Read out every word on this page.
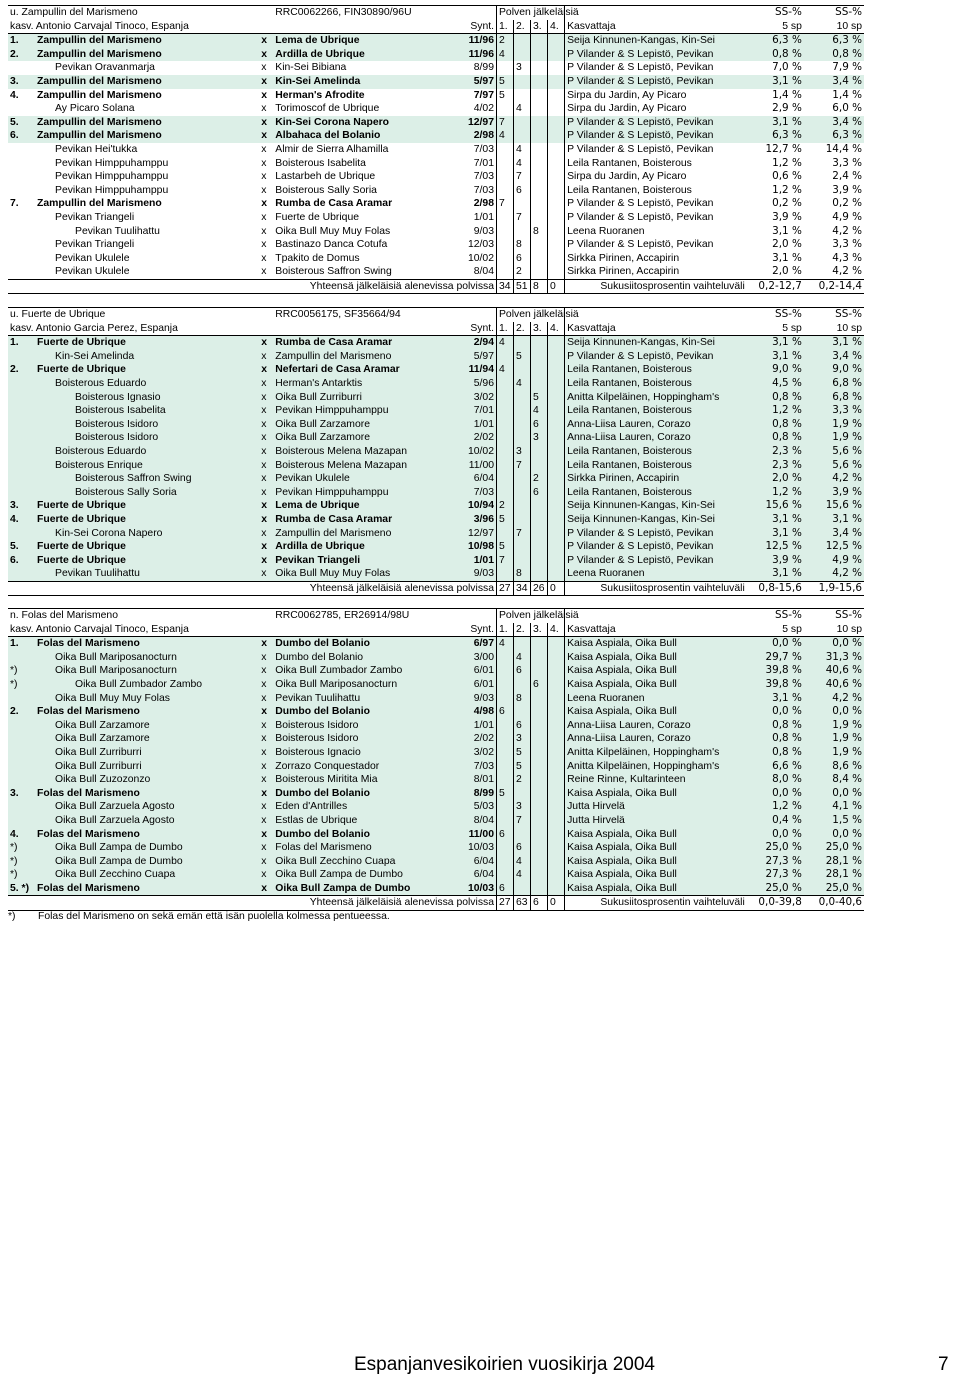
u. Zampullin del Marismeno			RRC0062266, FIN30890/96U		Polven jälkeläisiä					SS-%	SS-%
kasv. Antonio Carvajal Tinoco, Espanja				Synt.	1.	2.	3.	4.	Kasvattaja	5 sp	10 sp
1.	Zampullin del Marismeno	x	Lema de Ubrique	11/96	2				Seija Kinnunen-Kangas, Kin-Sei	6,3 %	6,3 %
2.	Zampullin del Marismeno	x	Ardilla de Ubrique	11/96	4				P Vilander & S Lepistö, Pevikan	0,8 %	0,8 %
	Pevikan Oravanmarja	x	Kin-Sei Bibiana	8/99		3			P Vilander & S Lepistö, Pevikan	7,0 %	7,9 %
3.	Zampullin del Marismeno	x	Kin-Sei Amelinda	5/97	5				P Vilander & S Lepistö, Pevikan	3,1 %	3,4 %
4.	Zampullin del Marismeno	x	Herman's Afrodite	7/97	5				Sirpa du Jardin, Ay Picaro	1,4 %	1,4 %
	Ay Picaro Solana	x	Torimoscof de Ubrique	4/02		4			Sirpa du Jardin, Ay Picaro	2,9 %	6,0 %
5.	Zampullin del Marismeno	x	Kin-Sei Corona Napero	12/97	7				P Vilander & S Lepistö, Pevikan	3,1 %	3,4 %
6.	Zampullin del Marismeno	x	Albahaca del Bolanio	2/98	4				P Vilander & S Lepistö, Pevikan	6,3 %	6,3 %
	Pevikan Hei'tukka	x	Almir de Sierra Alhamilla	7/03		4			P Vilander & S Lepistö, Pevikan	12,7 %	14,4 %
	Pevikan Himppuhamppu	x	Boisterous Isabelita	7/01		4			Leila Rantanen, Boisterous	1,2 %	3,3 %
	Pevikan Himppuhamppu	x	Lastarbeh de Ubrique	7/03		7			Sirpa du Jardin, Ay Picaro	0,6 %	2,4 %
	Pevikan Himppuhamppu	x	Boisterous Sally Soria	7/03		6			Leila Rantanen, Boisterous	1,2 %	3,9 %
7.	Zampullin del Marismeno	x	Rumba de Casa Aramar	2/98	7				P Vilander & S Lepistö, Pevikan	0,2 %	0,2 %
	Pevikan Triangeli	x	Fuerte de Ubrique	1/01		7			P Vilander & S Lepistö, Pevikan	3,9 %	4,9 %
	Pevikan Tuulihattu	x	Oika Bull Muy Muy Folas	9/03			8		Leena Ruoranen	3,1 %	4,2 %
	Pevikan Triangeli	x	Bastinazo Danca Cotufa	12/03		8			P Vilander & S Lepistö, Pevikan	2,0 %	3,3 %
	Pevikan Ukulele	x	Tpakito de Domus	10/02		6			Sirkka Pirinen, Accapirin	3,1 %	4,3 %
	Pevikan Ukulele	x	Boisterous Saffron Swing	8/04		2			Sirkka Pirinen, Accapirin	2,0 %	4,2 %
Yhteensä jälkeläisiä alenevissa polvissa					34	51	8	0	Sukusiitosprosentin vaihteluväli	0,2-12,7	0,2-14,4
u. Fuerte de Ubrique			RRC0056175, SF35664/94		Polven jälkeläisiä					SS-%	SS-%
kasv. Antonio Garcia Perez, Espanja				Synt.	1.	2.	3.	4.	Kasvattaja	5 sp	10 sp
1.	Fuerte de Ubrique	x	Rumba de Casa Aramar	2/94	4				Seija Kinnunen-Kangas, Kin-Sei	3,1 %	3,1 %
	Kin-Sei Amelinda	x	Zampullin del Marismeno	5/97		5			P Vilander & S Lepistö, Pevikan	3,1 %	3,4 %
2.	Fuerte de Ubrique	x	Nefertari de Casa Aramar	11/94	4				Leila Rantanen, Boisterous	9,0 %	9,0 %
	Boisterous Eduardo	x	Herman's Antarktis	5/96		4			Leila Rantanen, Boisterous	4,5 %	6,8 %
	Boisterous Ignasio	x	Oika Bull Zurriburri	3/02			5		Anitta Kilpeläinen, Hoppingham's	0,8 %	6,8 %
	Boisterous Isabelita	x	Pevikan Himppuhamppu	7/01			4		Leila Rantanen, Boisterous	1,2 %	3,3 %
	Boisterous Isidoro	x	Oika Bull Zarzamore	1/01			6		Anna-Liisa Lauren, Corazo	0,8 %	1,9 %
	Boisterous Isidoro	x	Oika Bull Zarzamore	2/02			3		Anna-Liisa Lauren, Corazo	0,8 %	1,9 %
	Boisterous Eduardo	x	Boisterous Melena Mazapan	10/02		3			Leila Rantanen, Boisterous	2,3 %	5,6 %
	Boisterous Enrique	x	Boisterous Melena Mazapan	11/00		7			Leila Rantanen, Boisterous	2,3 %	5,6 %
	Boisterous Saffron Swing	x	Pevikan Ukulele	6/04			2		Sirkka Pirinen, Accapirin	2,0 %	4,2 %
	Boisterous Sally Soria	x	Pevikan Himppuhamppu	7/03			6		Leila Rantanen, Boisterous	1,2 %	3,9 %
3.	Fuerte de Ubrique	x	Lema de Ubrique	10/94	2				Seija Kinnunen-Kangas, Kin-Sei	15,6 %	15,6 %
4.	Fuerte de Ubrique	x	Rumba de Casa Aramar	3/96	5				Seija Kinnunen-Kangas, Kin-Sei	3,1 %	3,1 %
	Kin-Sei Corona Napero	x	Zampullin del Marismeno	12/97		7			P Vilander & S Lepistö, Pevikan	3,1 %	3,4 %
5.	Fuerte de Ubrique	x	Ardilla de Ubrique	10/98	5				P Vilander & S Lepistö, Pevikan	12,5 %	12,5 %
6.	Fuerte de Ubrique	x	Pevikan Triangeli	1/01	7				P Vilander & S Lepistö, Pevikan	3,9 %	4,9 %
	Pevikan Tuulihattu	x	Oika Bull Muy Muy Folas	9/03		8			Leena Ruoranen	3,1 %	4,2 %
Yhteensä jälkeläisiä alenevissa polvissa					27	34	26	0	Sukusiitosprosentin vaihteluväli	0,8-15,6	1,9-15,6
n. Folas del Marismeno			RRC0062785, ER26914/98U		Polven jälkeläisiä					SS-%	SS-%
kasv. Antonio Carvajal Tinoco, Espanja				Synt.	1.	2.	3.	4.	Kasvattaja	5 sp	10 sp
1.	Folas del Marismeno	x	Dumbo del Bolanio	6/97	4				Kaisa Aspiala, Oika Bull	0,0 %	0,0 %
	Oika Bull Mariposanocturn	x	Dumbo del Bolanio	3/00		4			Kaisa Aspiala, Oika Bull	29,7 %	31,3 %
*)	Oika Bull Mariposanocturn	x	Oika Bull Zumbador Zambo	6/01		6			Kaisa Aspiala, Oika Bull	39,8 %	40,6 %
*)	Oika Bull Zumbador Zambo	x	Oika Bull Mariposanocturn	6/01			6		Kaisa Aspiala, Oika Bull	39,8 %	40,6 %
	Oika Bull Muy Muy Folas	x	Pevikan Tuulihattu	9/03		8			Leena Ruoranen	3,1 %	4,2 %
2.	Folas del Marismeno	x	Dumbo del Bolanio	4/98	6				Kaisa Aspiala, Oika Bull	0,0 %	0,0 %
	Oika Bull Zarzamore	x	Boisterous Isidoro	1/01		6			Anna-Liisa Lauren, Corazo	0,8 %	1,9 %
	Oika Bull Zarzamore	x	Boisterous Isidoro	2/02		3			Anna-Liisa Lauren, Corazo	0,8 %	1,9 %
	Oika Bull Zurriburri	x	Boisterous Ignacio	3/02		5			Anitta Kilpeläinen, Hoppingham's	0,8 %	1,9 %
	Oika Bull Zurriburri	x	Zorrazo Conquestador	7/03		5			Anitta Kilpeläinen, Hoppingham's	6,6 %	8,6 %
	Oika Bull Zuzozonzo	x	Boisterous Miritita Mia	8/01		2			Reine Rinne, Kultarinteen	8,0 %	8,4 %
3.	Folas del Marismeno	x	Dumbo del Bolanio	8/99	5				Kaisa Aspiala, Oika Bull	0,0 %	0,0 %
	Oika Bull Zarzuela Agosto	x	Eden d'Antrilles	5/03		3			Jutta Hirvelä	1,2 %	4,1 %
	Oika Bull Zarzuela Agosto	x	Estlas de Ubrique	8/04		7			Jutta Hirvelä	0,4 %	1,5 %
4.	Folas del Marismeno	x	Dumbo del Bolanio	11/00	6				Kaisa Aspiala, Oika Bull	0,0 %	0,0 %
*)	Oika Bull Zampa de Dumbo	x	Folas del Marismeno	10/03		6			Kaisa Aspiala, Oika Bull	25,0 %	25,0 %
*)	Oika Bull Zampa de Dumbo	x	Oika Bull Zecchino Cuapa	6/04		4			Kaisa Aspiala, Oika Bull	27,3 %	28,1 %
*)	Oika Bull Zecchino Cuapa	x	Oika Bull Zampa de Dumbo	6/04		4			Kaisa Aspiala, Oika Bull	27,3 %	28,1 %
5. *)	Folas del Marismeno	x	Oika Bull Zampa de Dumbo	10/03	6				Kaisa Aspiala, Oika Bull	25,0 %	25,0 %
Yhteensä jälkeläisiä alenevissa polvissa					27	63	6	0	Sukusiitosprosentin vaihteluväli	0,0-39,8	0,0-40,6
*) Folas del Marismeno on sekä emän että isän puolella kolmessa pentueessa.
Espanjanvesikoirien vuosikirja 2004	7
